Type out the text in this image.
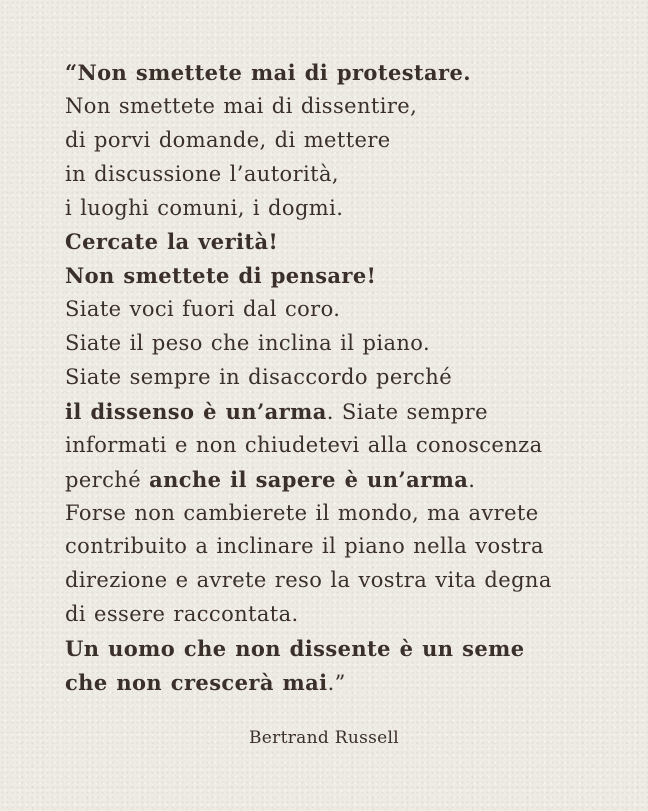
“Non smettete mai di protestare.
Non smettete mai di dissentire,
di porvi domande, di mettere
in discussione l’autorità,
i luoghi comuni, i dogmi.
Cercate la verità!
Non smettete di pensare!
Siate voci fuori dal coro.
Siate il peso che inclina il piano.
Siate sempre in disaccordo perché
il dissenso è un’arma. Siate sempre
informati e non chiudetevi alla conoscenza
perché anche il sapere è un’arma.
Forse non cambierete il mondo, ma avrete
contribuito a inclinare il piano nella vostra
direzione e avrete reso la vostra vita degna
di essere raccontata.
Un uomo che non dissente è un seme
che non crescerà mai.”
Bertrand Russell
